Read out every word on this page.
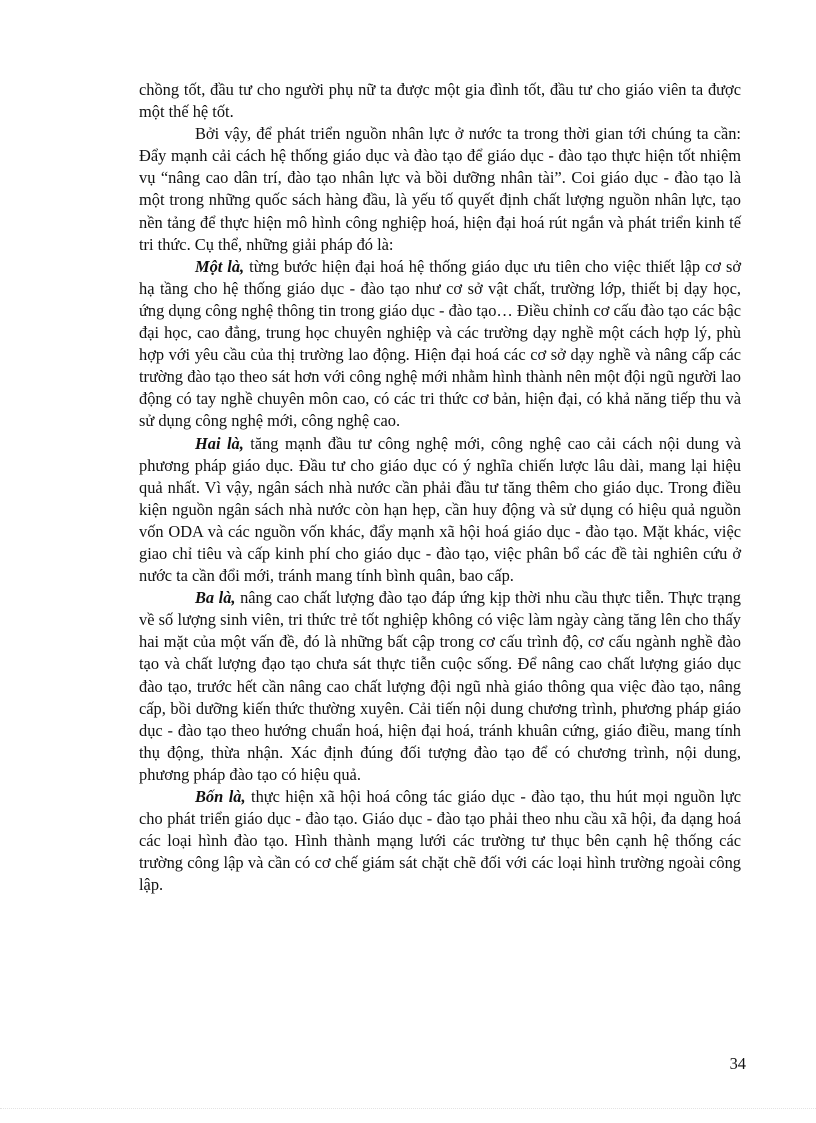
chồng tốt, đầu tư cho người phụ nữ ta được một gia đình tốt, đầu tư cho giáo viên ta được một thế hệ tốt.

Bởi vậy, để phát triển nguồn nhân lực ở nước ta trong thời gian tới chúng ta cần: Đẩy mạnh cải cách hệ thống giáo dục và đào tạo để giáo dục - đào tạo thực hiện tốt nhiệm vụ “nâng cao dân trí, đào tạo nhân lực và bồi dưỡng nhân tài”. Coi giáo dục - đào tạo là một trong những quốc sách hàng đầu, là yếu tố quyết định chất lượng nguồn nhân lực, tạo nền tảng để thực hiện mô hình công nghiệp hoá, hiện đại hoá rút ngắn và phát triển kinh tế tri thức. Cụ thể, những giải pháp đó là:

Một là, từng bước hiện đại hoá hệ thống giáo dục ưu tiên cho việc thiết lập cơ sở hạ tầng cho hệ thống giáo dục - đào tạo như cơ sở vật chất, trường lớp, thiết bị dạy học, ứng dụng công nghệ thông tin trong giáo dục - đào tạo… Điều chỉnh cơ cấu đào tạo các bậc đại học, cao đẳng, trung học chuyên nghiệp và các trường dạy nghề một cách hợp lý, phù hợp với yêu cầu của thị trường lao động. Hiện đại hoá các cơ sở dạy nghề và nâng cấp các trường đào tạo theo sát hơn với công nghệ mới nhằm hình thành nên một đội ngũ người lao động có tay nghề chuyên môn cao, có các tri thức cơ bản, hiện đại, có khả năng tiếp thu và sử dụng công nghệ mới, công nghệ cao.

Hai là, tăng mạnh đầu tư công nghệ mới, công nghệ cao cải cách nội dung và phương pháp giáo dục. Đầu tư cho giáo dục có ý nghĩa chiến lược lâu dài, mang lại hiệu quả nhất. Vì vậy, ngân sách nhà nước cần phải đầu tư tăng thêm cho giáo dục. Trong điều kiện nguồn ngân sách nhà nước còn hạn hẹp, cần huy động và sử dụng có hiệu quả nguồn vốn ODA và các nguồn vốn khác, đẩy mạnh xã hội hoá giáo dục - đào tạo. Mặt khác, việc giao chỉ tiêu và cấp kinh phí cho giáo dục - đào tạo, việc phân bổ các đề tài nghiên cứu ở nước ta cần đổi mới, tránh mang tính bình quân, bao cấp.

Ba là, nâng cao chất lượng đào tạo đáp ứng kịp thời nhu cầu thực tiễn. Thực trạng về số lượng sinh viên, tri thức trẻ tốt nghiệp không có việc làm ngày càng tăng lên cho thấy hai mặt của một vấn đề, đó là những bất cập trong cơ cấu trình độ, cơ cấu ngành nghề đào tạo và chất lượng đạo tạo chưa sát thực tiễn cuộc sống. Để nâng cao chất lượng giáo dục đào tạo, trước hết cần nâng cao chất lượng đội ngũ nhà giáo thông qua việc đào tạo, nâng cấp, bồi dưỡng kiến thức thường xuyên. Cải tiến nội dung chương trình, phương pháp giáo dục - đào tạo theo hướng chuẩn hoá, hiện đại hoá, tránh khuân cứng, giáo điều, mang tính thụ động, thừa nhận. Xác định đúng đối tượng đào tạo để có chương trình, nội dung, phương pháp đào tạo có hiệu quả.

Bốn là, thực hiện xã hội hoá công tác giáo dục - đào tạo, thu hút mọi nguồn lực cho phát triển giáo dục - đào tạo. Giáo dục - đào tạo phải theo nhu cầu xã hội, đa dạng hoá các loại hình đào tạo. Hình thành mạng lưới các trường tư thục bên cạnh hệ thống các trường công lập và cần có cơ chế giám sát chặt chẽ đối với các loại hình trường ngoài công lập.

34
